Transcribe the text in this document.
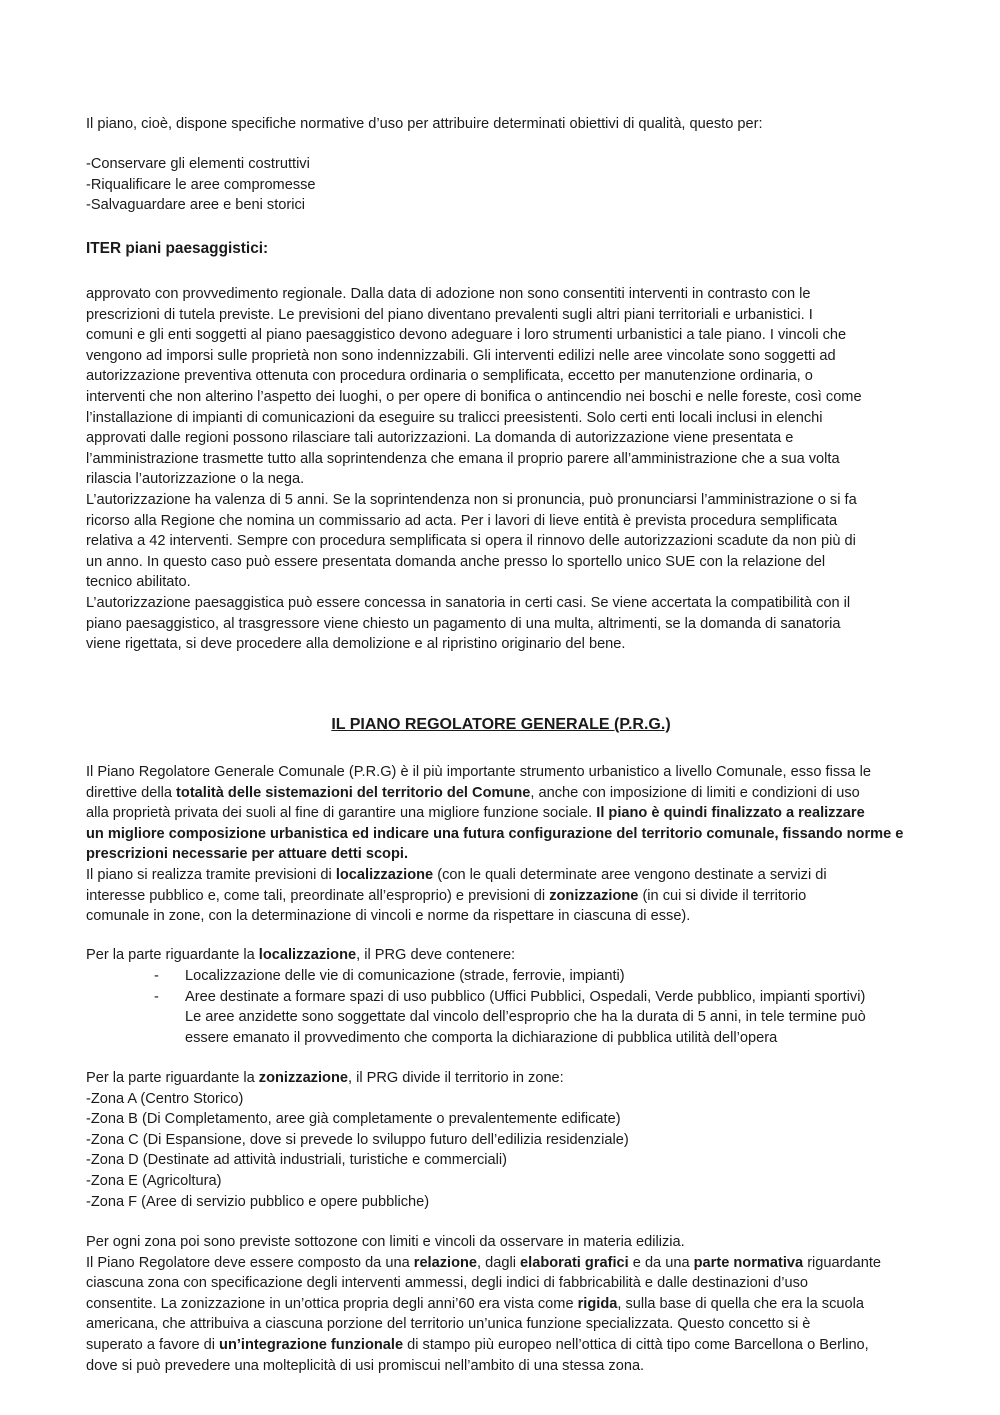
Il piano, cioè, dispone specifiche normative d’uso per attribuire determinati obiettivi di qualità, questo per:
-Conservare gli elementi costruttivi
-Riqualificare le aree compromesse
-Salvaguardare aree e beni storici
ITER piani paesaggistici:
approvato con provvedimento regionale. Dalla data di adozione non sono consentiti interventi in contrasto con le
prescrizioni di tutela previste. Le previsioni del piano diventano prevalenti sugli altri piani territoriali e urbanistici. I
comuni e gli enti soggetti al piano paesaggistico devono adeguare i loro strumenti urbanistici a tale piano. I vincoli che
vengono ad imporsi sulle proprietà non sono indennizzabili. Gli interventi edilizi nelle aree vincolate sono soggetti ad
autorizzazione preventiva ottenuta con procedura ordinaria o semplificata, eccetto per manutenzione ordinaria, o
interventi che non alterino l’aspetto dei luoghi, o per opere di bonifica o antincendio nei boschi e nelle foreste, così come
l’installazione di impianti di comunicazioni da eseguire su tralicci preesistenti. Solo certi enti locali inclusi in elenchi
approvati dalle regioni possono rilasciare tali autorizzazioni. La domanda di autorizzazione viene presentata e
l’amministrazione trasmette tutto alla soprintendenza che emana il proprio parere all’amministrazione che a sua volta
rilascia l’autorizzazione o la nega.
L’autorizzazione ha valenza di 5 anni. Se la soprintendenza non si pronuncia, può pronunciarsi l’amministrazione o si fa
ricorso alla Regione che nomina un commissario ad acta. Per i lavori di lieve entità è prevista procedura semplificata
relativa a 42 interventi. Sempre con procedura semplificata si opera il rinnovo delle autorizzazioni scadute da non più di
un anno. In questo caso può essere presentata domanda anche presso lo sportello unico SUE con la relazione del
tecnico abilitato.
L’autorizzazione paesaggistica può essere concessa in sanatoria in certi casi. Se viene accertata la compatibilità con il
piano paesaggistico, al trasgressore viene chiesto un pagamento di una multa, altrimenti, se la domanda di sanatoria
viene rigettata, si deve procedere alla demolizione e al ripristino originario del bene.
IL PIANO REGOLATORE GENERALE (P.R.G.)
Il Piano Regolatore Generale Comunale (P.R.G) è il più importante strumento urbanistico a livello Comunale, esso fissa le
direttive della totalità delle sistemazioni del territorio del Comune, anche con imposizione di limiti e condizioni di uso
alla proprietà privata dei suoli al fine di garantire una migliore funzione sociale. Il piano è quindi finalizzato a realizzare
un migliore composizione urbanistica ed indicare una futura configurazione del territorio comunale, fissando norme e
prescrizioni necessarie per attuare detti scopi.
Il piano si realizza tramite previsioni di localizzazione (con le quali determinate aree vengono destinate a servizi di
interesse pubblico e, come tali, preordinate all’esproprio) e previsioni di zonizzazione (in cui si divide il territorio
comunale in zone, con la determinazione di vincoli e norme da rispettare in ciascuna di esse).
Per la parte riguardante la localizzazione, il PRG deve contenere:
- Localizzazione delle vie di comunicazione (strade, ferrovie, impianti)
- Aree destinate a formare spazi di uso pubblico (Uffici Pubblici, Ospedali, Verde pubblico, impianti sportivi)
Le aree anzidette sono soggettate dal vincolo dell’esproprio che ha la durata di 5 anni, in tele termine può
essere emanato il provvedimento che comporta la dichiarazione di pubblica utilità dell’opera
Per la parte riguardante la zonizzazione, il PRG divide il territorio in zone:
-Zona A (Centro Storico)
-Zona B (Di Completamento, aree già completamente o prevalentemente edificate)
-Zona C (Di Espansione, dove si prevede lo sviluppo futuro dell’edilizia residenziale)
-Zona D (Destinate ad attività industriali, turistiche e commerciali)
-Zona E (Agricoltura)
-Zona F (Aree di servizio pubblico e opere pubbliche)
Per ogni zona poi sono previste sottozone con limiti e vincoli da osservare in materia edilizia.
Il Piano Regolatore deve essere composto da una relazione, dagli elaborati grafici e da una parte normativa riguardante
ciascuna zona con specificazione degli interventi ammessi, degli indici di fabbricabilità e dalle destinazioni d’uso
consentite. La zonizzazione in un’ottica propria degli anni’60 era vista come rigida, sulla base di quella che era la scuola
americana, che attribuiva a ciascuna porzione del territorio un’unica funzione specializzata. Questo concetto si è
superato a favore di un’integrazione funzionale di stampo più europeo nell’ottica di città tipo come Barcellona o Berlino,
dove si può prevedere una molteplicità di usi promiscui nell’ambito di una stessa zona.
